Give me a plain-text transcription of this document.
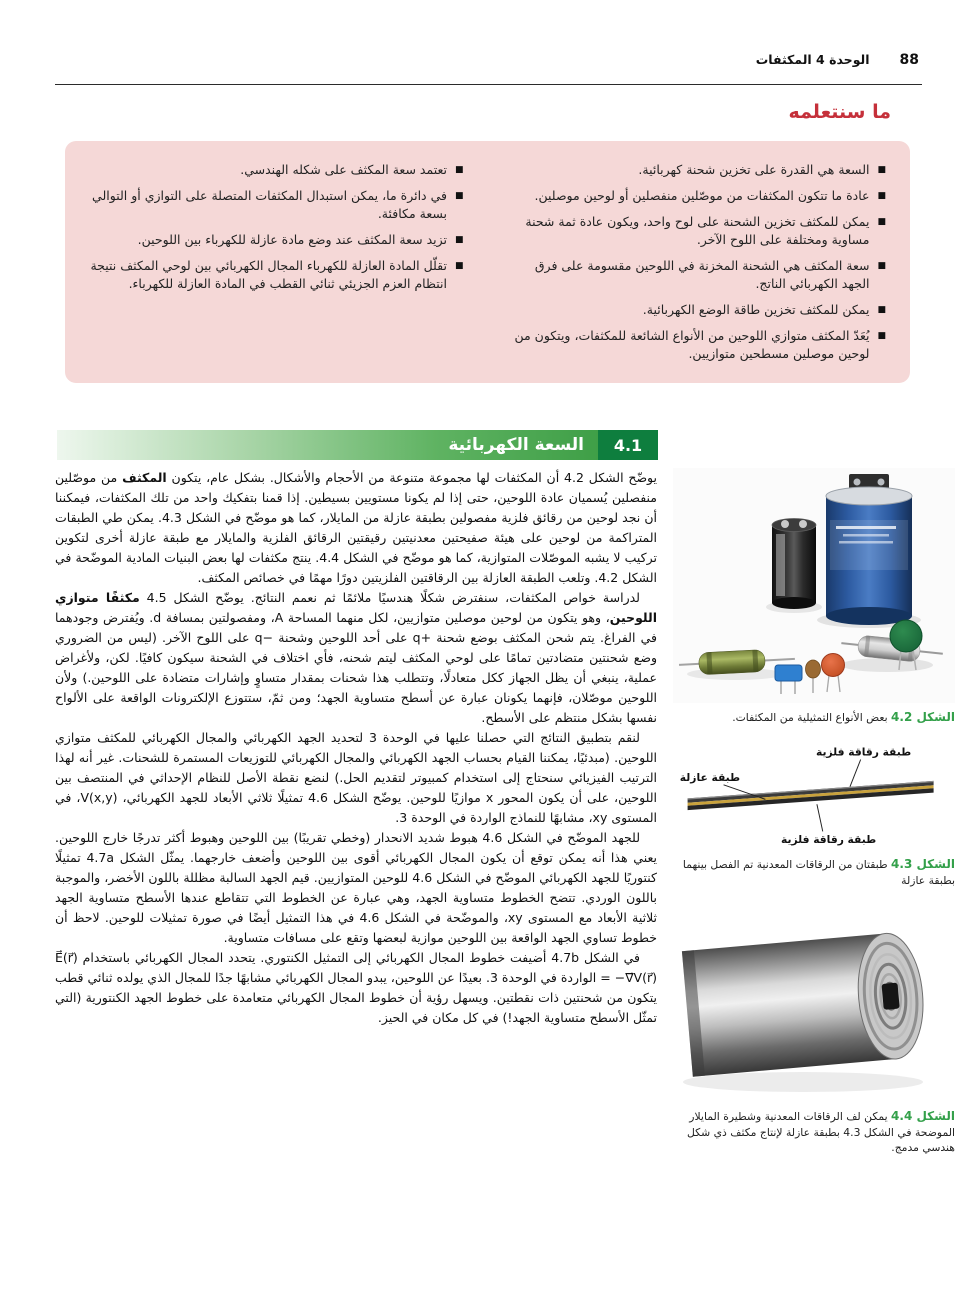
الوحدة 4 المكثفات 88
ما سنتعلمه
■
السعة هي القدرة على تخزين شحنة كهربائية.
■
عادة ما تتكون المكثفات من موصّلين منفصلين أو لوحين موصلين.
■
يمكن للمكثف تخزين الشحنة على لوح واحد، ويكون عادة ثمة شحنة مساوية ومختلفة على اللوح الآخر.
■
سعة المكثف هي الشحنة المخزنة في اللوحين مقسومة على فرق الجهد الكهربائي الناتج.
■
يمكن للمكثف تخزين طاقة الوضع الكهربائية.
■
يُعَدّ المكثف متوازي اللوحين من الأنواع الشائعة للمكثفات، ويتكون من لوحين موصلين مسطحين متوازيين.
■
تعتمد سعة المكثف على شكله الهندسي.
■
في دائرة ما، يمكن استبدال المكثفات المتصلة على التوازي أو التوالي بسعة مكافئة.
■
تزيد سعة المكثف عند وضع مادة عازلة للكهرباء بين اللوحين.
■
تقلّل المادة العازلة للكهرباء المجال الكهربائي بين لوحي المكثف نتيجة انتظام العزم الجزيئي ثنائي القطب في المادة العازلة للكهرباء.
4.1
السعة الكهربائية

يوضّح الشكل 4.2 أن المكثفات لها مجموعة متنوعة من الأحجام والأشكال. بشكل عام، يتكون المكثف من موصّلين منفصلين يُسميان عادة اللوحين، حتى إذا لم يكونا مستويين بسيطين. إذا قمنا بتفكيك واحد من تلك المكثفات، فيمكننا أن نجد لوحين من رقائق فلزية مفصولين بطبقة عازلة من المايلار، كما هو موضّح في الشكل 4.3. يمكن طي الطبقات المتراكمة من لوحين على هيئة صفيحتين معدنيتين رقيقتين الرقائق الفلزية والمايلار مع طبقة عازلة أخرى لتكوين تركيب لا يشبه الموصّلات المتوازية، كما هو موضّح في الشكل 4.4. ينتج مكثفات لها بعض البنيات المادية الموضّحة في الشكل 4.2. وتلعب الطبقة العازلة بين الرقاقتين الفلزيتين دورًا مهمًا في خصائص المكثف.

لدراسة خواص المكثفات، سنفترض شكلًا هندسيًا ملائمًا ثم نعمم النتائج. يوضّح الشكل 4.5 مكثفًا متوازي اللوحين، وهو يتكون من لوحين موصلين متوازيين، لكل منهما المساحة A، ومفصولتين بمسافة d. ويُفترض وجودهما في الفراغ. يتم شحن المكثف بوضع شحنة +q على أحد اللوحين وشحنة −q على اللوح الآخر. (ليس من الضروري وضع شحنتين متضادتين تمامًا على لوحي المكثف ليتم شحنه، فأي اختلاف في الشحنة سيكون كافيًا. لكن، ولأغراض عملية، ينبغي أن يظل الجهاز ككل متعادلًا، وتتطلب هذا شحنات بمقدار متساوٍ وإشارات متضادة على اللوحين.) ولأن اللوحين موصّلان، فإنهما يكونان عبارة عن أسطح متساوية الجهد؛ ومن ثمّ، ستتوزع الإلكترونات الواقعة على الألواح نفسها بشكل منتظم على الأسطح.

لنقم بتطبيق النتائج التي حصلنا عليها في الوحدة 3 لتحديد الجهد الكهربائي والمجال الكهربائي للمكثف متوازي اللوحين. (مبدئيًا، يمكننا القيام بحساب الجهد الكهربائي والمجال الكهربائي للتوزيعات المستمرة للشحنات. غير أنه لهذا الترتيب الفيزيائي سنحتاج إلى استخدام كمبيوتر لتقديم الحل.) لنضع نقطة الأصل للنظام الإحداثي في المنتصف بين اللوحين، على أن يكون المحور x موازيًا للوحين. يوضّح الشكل 4.6 تمثيلًا ثلاثي الأبعاد للجهد الكهربائي، V(x,y)، في المستوى xy، مشابهًا للنماذج الواردة في الوحدة 3.

للجهد الموضّح في الشكل 4.6 هبوط شديد الانحدار (وخطي تقريبًا) بين اللوحين وهبوط أكثر تدرجًا خارج اللوحين. يعني هذا أنه يمكن توقع أن يكون المجال الكهربائي أقوى بين اللوحين وأضعف خارجهما. يمثّل الشكل 4.7a تمثيلًا كنتوريًا للجهد الكهربائي الموضّح في الشكل 4.6 للوحين المتوازيين. قيم الجهد السالبة مظللة باللون الأخضر، والموجبة باللون الوردي. تتضح الخطوط متساوية الجهد، وهي عبارة عن الخطوط التي تتقاطع عندها الأسطح متساوية الجهد ثلاثية الأبعاد مع المستوى xy، والموضّحة في الشكل 4.6 في هذا التمثيل أيضًا في صورة تمثيلات للوحين. لاحظ أن خطوط تساوي الجهد الواقعة بين اللوحين موازية لبعضها وتقع على مسافات متساوية.

في الشكل 4.7b أضيفت خطوط المجال الكهربائي إلى التمثيل الكنتوري. يتحدد المجال الكهربائي باستخدام E⃗(r⃗) = −∇⃗V(r⃗) الواردة في الوحدة 3. بعيدًا عن اللوحين، يبدو المجال الكهربائي مشابهًا جدًا للمجال الذي يولده ثنائي قطب يتكون من شحنتين ذات نقطتين. ويسهل رؤية أن خطوط المجال الكهربائي متعامدة على خطوط الجهد الكنتورية (التي تمثّل الأسطح متساوية الجهد!) في كل مكان في الحيز.

الشكل 4.2 بعض الأنواع التمثيلية من المكثفات.
طبقة رقاقة فلزية
طبقة عازلة
طبقة رقاقة فلزية
الشكل 4.3 طبقتان من الرقاقات المعدنية تم الفصل بينهما بطبقة عازلة
الشكل 4.4 يمكن لف الرقاقات المعدنية وشطيرة المايلار الموضحة في الشكل 4.3 بطبقة عازلة لإنتاج مكثف ذي شكل هندسي مدمج.
